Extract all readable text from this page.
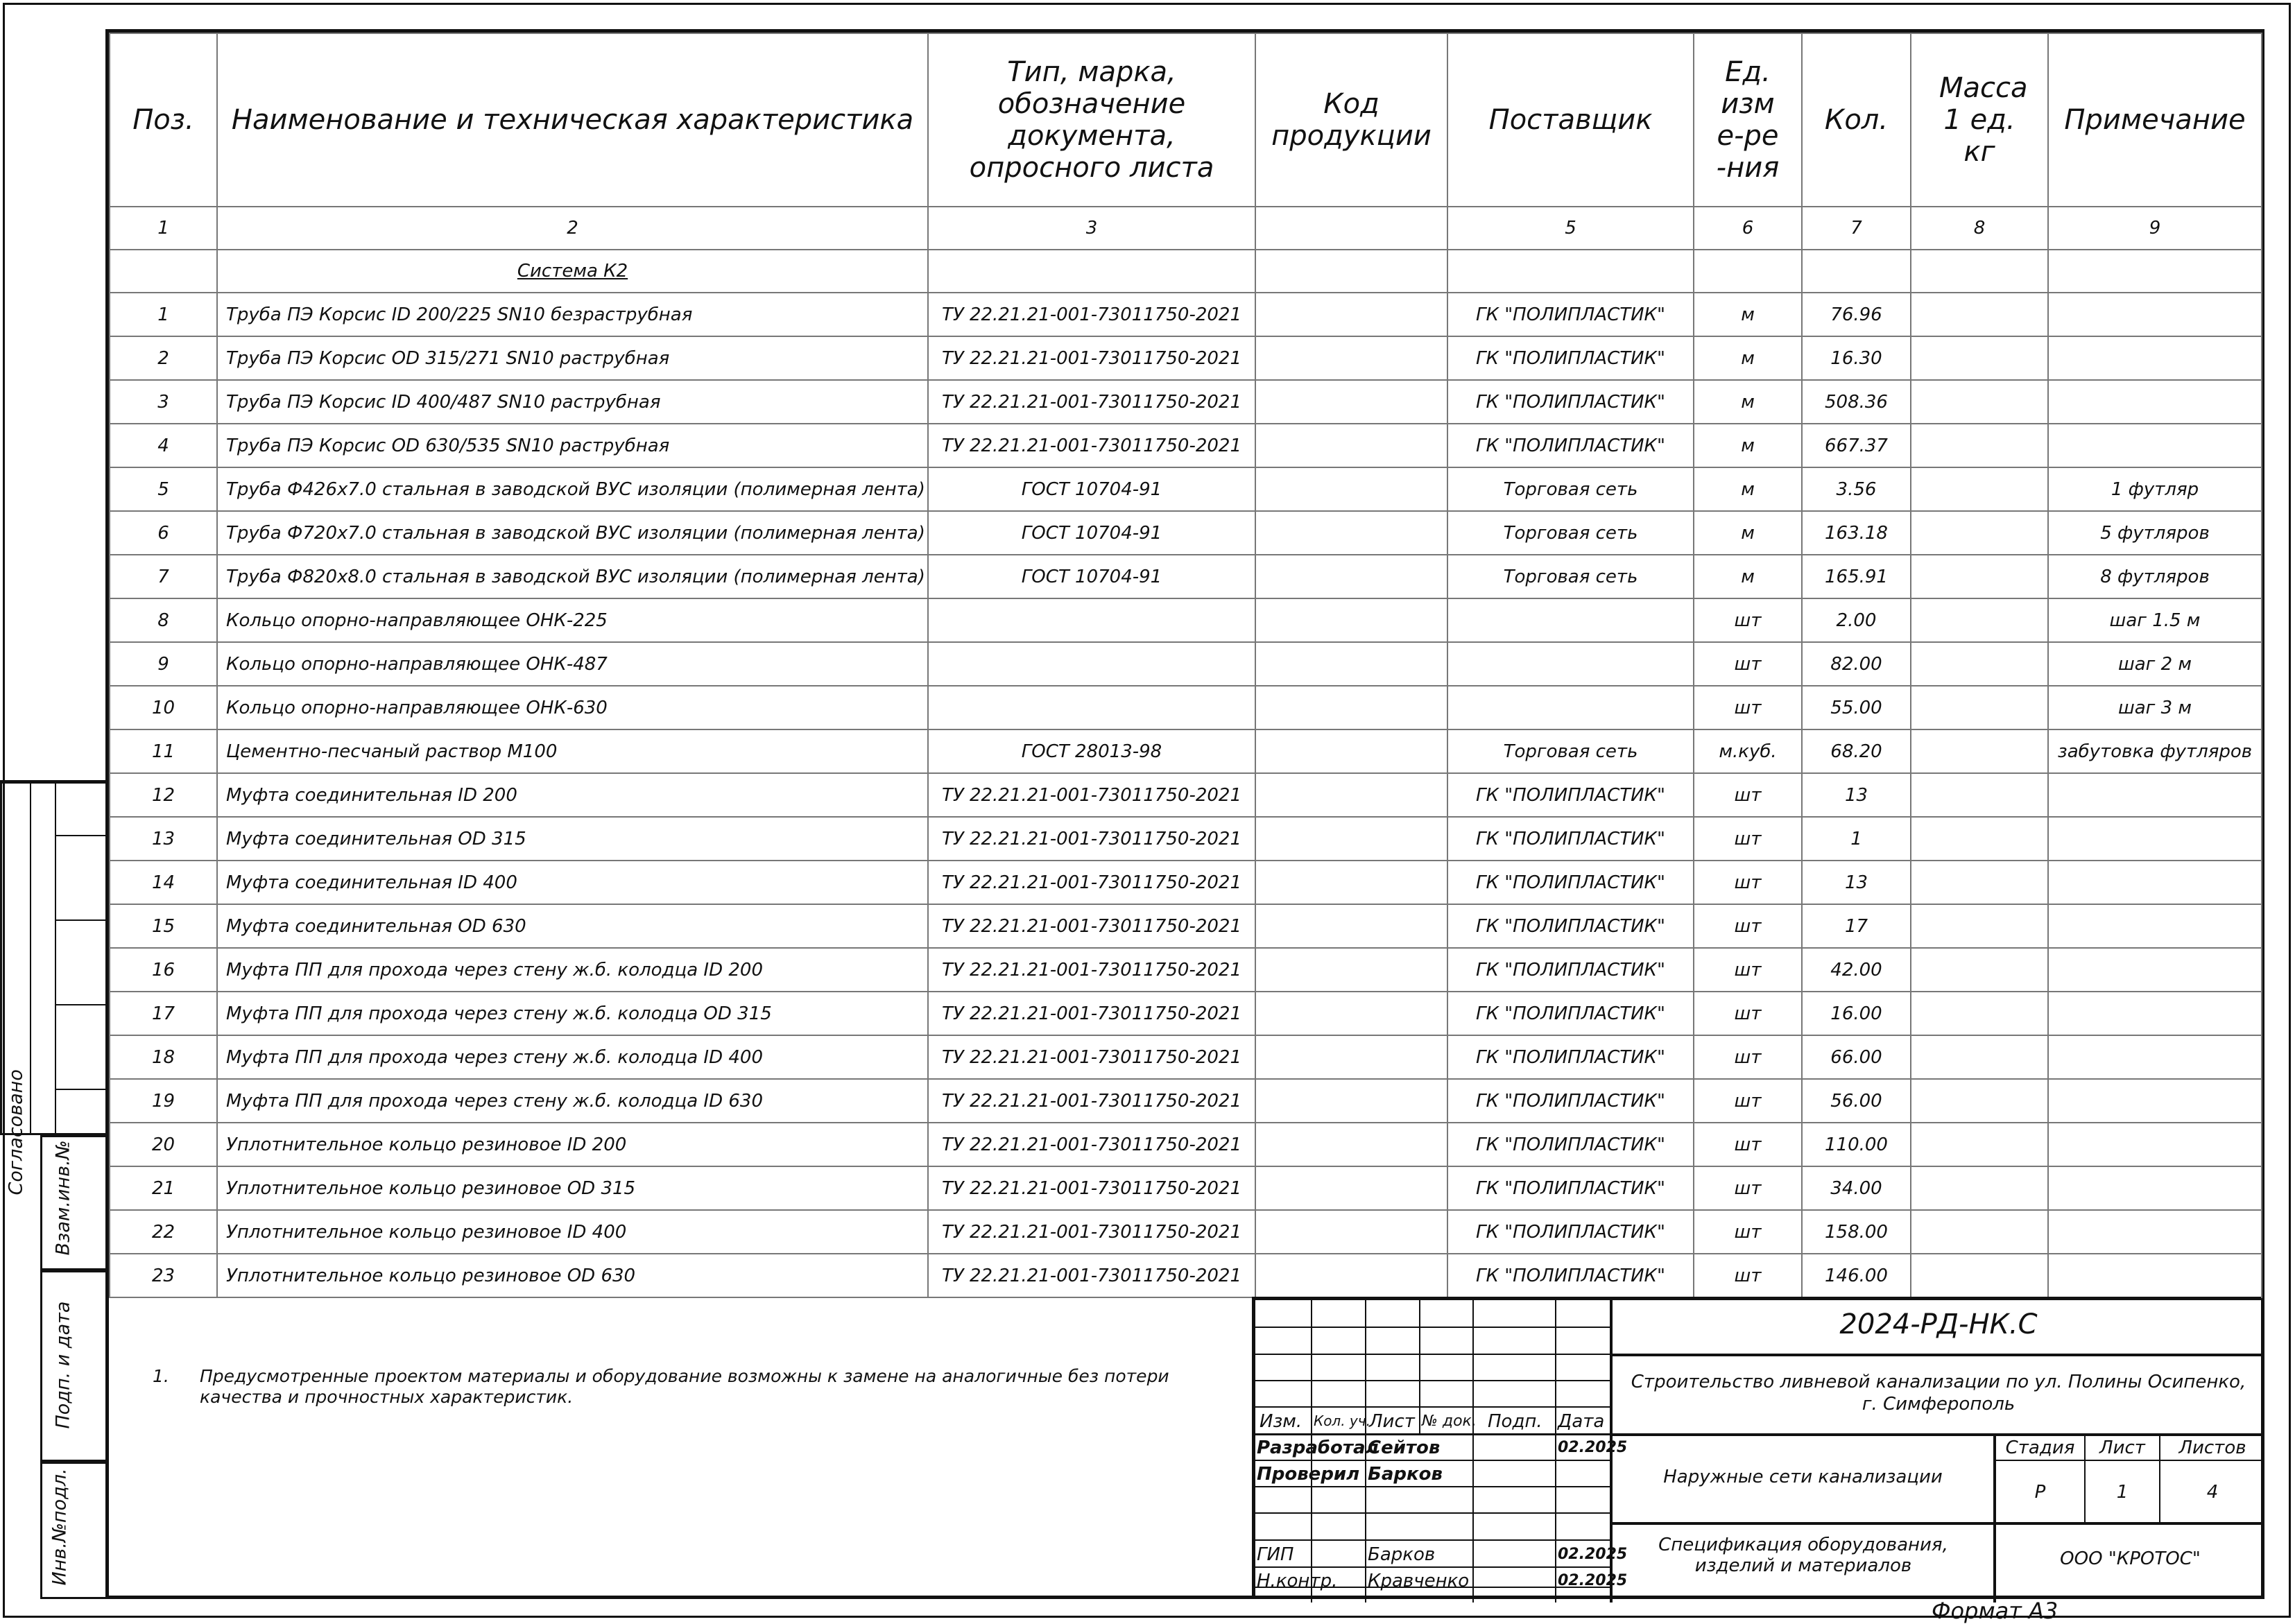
Поз.	Наименование и техническая характеристика	Тип, марка, обозначение документа, опросного листа	Код продукции	Поставщик	Ед. изме-ре-ния	Кол.	Масса 1 ед. кг	Примечание
1	2	3		5	6	7	8	9
	Система К2							
1	Труба ПЭ Корсис ID 200/225 SN10 безраструбная	ТУ 22.21.21-001-73011750-2021		ГК "ПОЛИПЛАСТИК"	м	76.96		
2	Труба ПЭ Корсис OD 315/271 SN10 раструбная	ТУ 22.21.21-001-73011750-2021		ГК "ПОЛИПЛАСТИК"	м	16.30		
3	Труба ПЭ Корсис ID 400/487 SN10 раструбная	ТУ 22.21.21-001-73011750-2021		ГК "ПОЛИПЛАСТИК"	м	508.36		
4	Труба ПЭ Корсис OD 630/535 SN10 раструбная	ТУ 22.21.21-001-73011750-2021		ГК "ПОЛИПЛАСТИК"	м	667.37		
5	Труба Ф426х7.0 стальная в заводской ВУС изоляции (полимерная лента)	ГОСТ 10704-91		Торговая сеть	м	3.56		1 футляр
6	Труба Ф720х7.0 стальная в заводской ВУС изоляции (полимерная лента)	ГОСТ 10704-91		Торговая сеть	м	163.18		5 футляров
7	Труба Ф820х8.0 стальная в заводской ВУС изоляции (полимерная лента)	ГОСТ 10704-91		Торговая сеть	м	165.91		8 футляров
8	Кольцо опорно-направляющее ОНК-225				шт	2.00		шаг 1.5 м
9	Кольцо опорно-направляющее ОНК-487				шт	82.00		шаг 2 м
10	Кольцо опорно-направляющее ОНК-630				шт	55.00		шаг 3 м
11	Цементно-песчаный раствор М100	ГОСТ 28013-98		Торговая сеть	м.куб.	68.20		забутовка футляров
12	Муфта соединительная ID 200	ТУ 22.21.21-001-73011750-2021		ГК "ПОЛИПЛАСТИК"	шт	13		
13	Муфта соединительная OD 315	ТУ 22.21.21-001-73011750-2021		ГК "ПОЛИПЛАСТИК"	шт	1		
14	Муфта соединительная ID 400	ТУ 22.21.21-001-73011750-2021		ГК "ПОЛИПЛАСТИК"	шт	13		
15	Муфта соединительная OD 630	ТУ 22.21.21-001-73011750-2021		ГК "ПОЛИПЛАСТИК"	шт	17		
16	Муфта ПП для прохода через стену ж.б. колодца ID 200	ТУ 22.21.21-001-73011750-2021		ГК "ПОЛИПЛАСТИК"	шт	42.00		
17	Муфта ПП для прохода через стену ж.б. колодца OD 315	ТУ 22.21.21-001-73011750-2021		ГК "ПОЛИПЛАСТИК"	шт	16.00		
18	Муфта ПП для прохода через стену ж.б. колодца ID 400	ТУ 22.21.21-001-73011750-2021		ГК "ПОЛИПЛАСТИК"	шт	66.00		
19	Муфта ПП для прохода через стену ж.б. колодца ID 630	ТУ 22.21.21-001-73011750-2021		ГК "ПОЛИПЛАСТИК"	шт	56.00		
20	Уплотнительное кольцо резиновое ID 200	ТУ 22.21.21-001-73011750-2021		ГК "ПОЛИПЛАСТИК"	шт	110.00		
21	Уплотнительное кольцо резиновое OD 315	ТУ 22.21.21-001-73011750-2021		ГК "ПОЛИПЛАСТИК"	шт	34.00		
22	Уплотнительное кольцо резиновое ID 400	ТУ 22.21.21-001-73011750-2021		ГК "ПОЛИПЛАСТИК"	шт	158.00		
23	Уплотнительное кольцо резиновое OD 630	ТУ 22.21.21-001-73011750-2021		ГК "ПОЛИПЛАСТИК"	шт	146.00		
Согласовано
Взам.инв.№
Подп. и дата
Инв.№подл.
1. Предусмотренные проектом материалы и оборудование возможны к замене на аналогичные без потери качества и прочностных характеристик.
2024-РД-НК.С
Строительство ливневой канализации по ул. Полины Осипенко, г. Симферополь
Наружные сети канализации
Спецификация оборудования, изделий и материалов	ООО "КРОТОС"
Стадия	Лист	Листов
Р	1	4
Изм. Кол. уч.
Лист № док. Подп. Дата
Разработал
Сейтов	02.2025
Проверил Барков
ГИП	Барков	02.2025
Н.контр. Кравченко	02.2025
Формат А3
